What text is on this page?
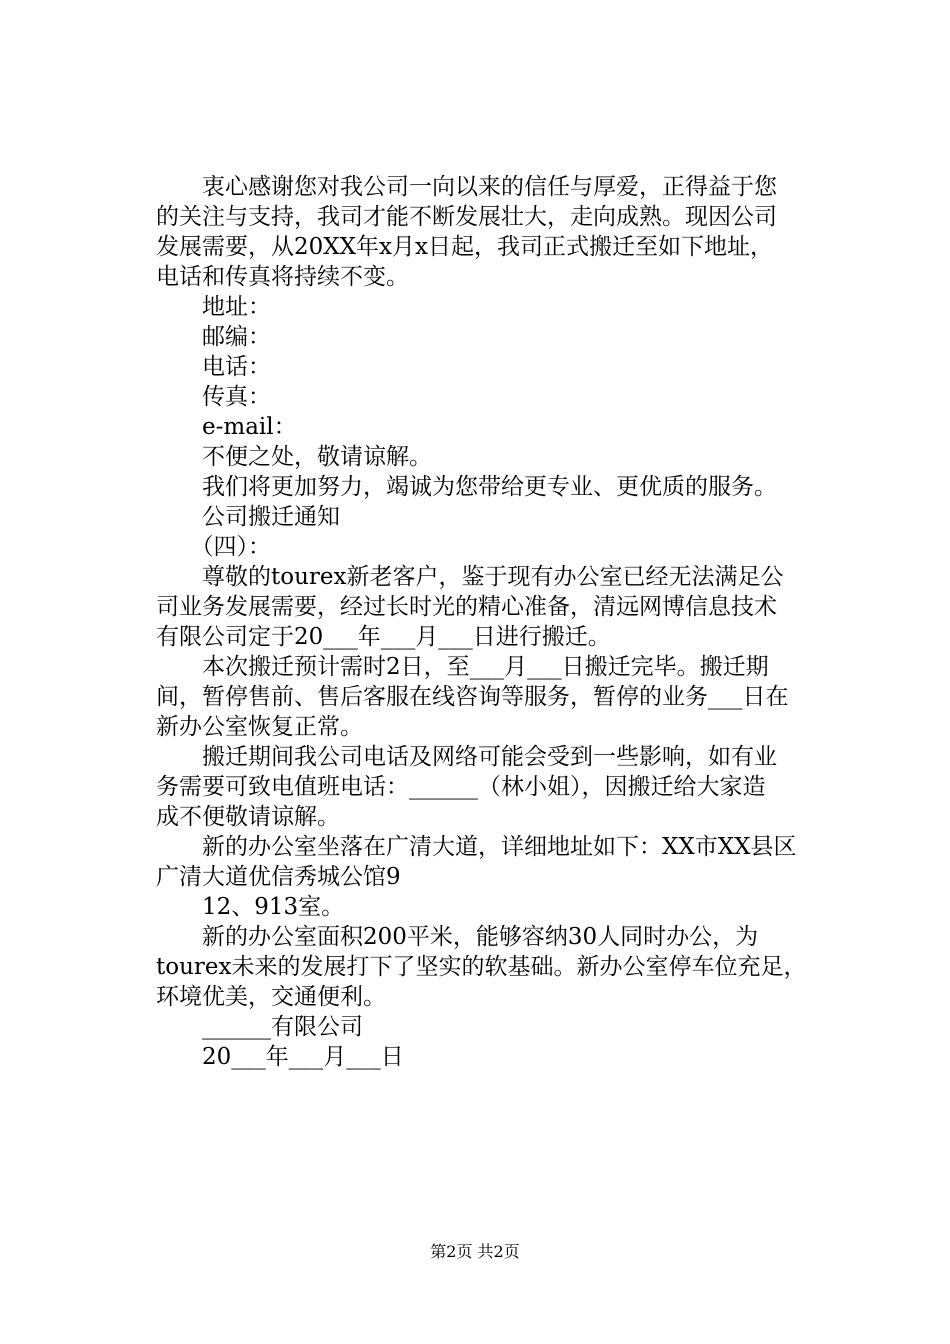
　　衷心感谢您对我公司一向以来的信任与厚爱，正得益于您
的关注与支持，我司才能不断发展壮大，走向成熟。现因公司
发展需要，从20XX年x月x日起，我司正式搬迁至如下地址，
电话和传真将持续不变。
　　地址：
　　邮编：
　　电话：
　　传真：
　　e-mail：
　　不便之处，敬请谅解。
　　我们将更加努力，竭诚为您带给更专业、更优质的服务。
　　公司搬迁通知
　　（四）：
　　尊敬的tourex新老客户，鉴于现有办公室已经无法满足公
司业务发展需要，经过长时光的精心准备，清远网博信息技术
有限公司定于20___年___月___日进行搬迁。
　　本次搬迁预计需时2日，至___月___日搬迁完毕。搬迁期
间，暂停售前、售后客服在线咨询等服务，暂停的业务___日在
新办公室恢复正常。
　　搬迁期间我公司电话及网络可能会受到一些影响，如有业
务需要可致电值班电话：______（林小姐），因搬迁给大家造
成不便敬请谅解。
　　新的办公室坐落在广清大道，详细地址如下：XX市XX县区
广清大道优信秀城公馆9
　　12、913室。
　　新的办公室面积200平米，能够容纳30人同时办公，为
tourex未来的发展打下了坚实的软基础。新办公室停车位充足，
环境优美，交通便利。
　　______有限公司
　　20___年___月___日
第2页 共2页
